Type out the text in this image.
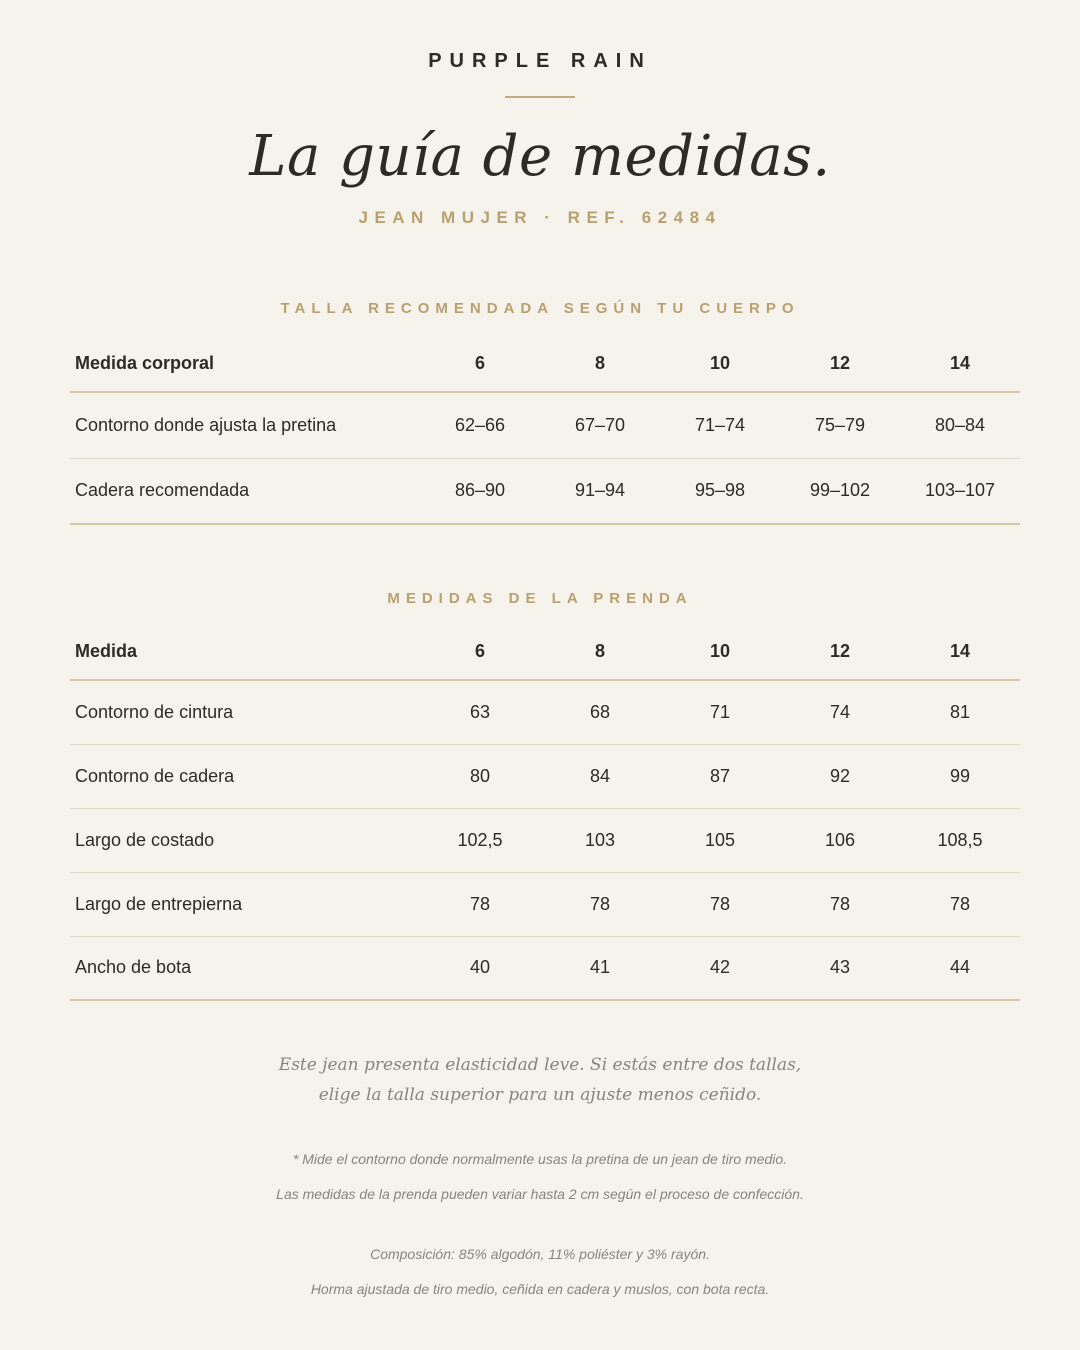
PURPLE RAIN
La guía de medidas.
JEAN MUJER · REF. 62484
TALLA RECOMENDADA SEGÚN TU CUERPO
Medida corporal	6	8	10	12	14
Contorno donde ajusta la pretina	62–66	67–70	71–74	75–79	80–84
Cadera recomendada	86–90	91–94	95–98	99–102	103–107
MEDIDAS DE LA PRENDA
Medida	6	8	10	12	14
Contorno de cintura	63	68	71	74	81
Contorno de cadera	80	84	87	92	99
Largo de costado	102,5	103	105	106	108,5
Largo de entrepierna	78	78	78	78	78
Ancho de bota	40	41	42	43	44
Este jean presenta elasticidad leve. Si estás entre dos tallas,
elige la talla superior para un ajuste menos ceñido.
* Mide el contorno donde normalmente usas la pretina de un jean de tiro medio.
Las medidas de la prenda pueden variar hasta 2 cm según el proceso de confección.
Composición: 85% algodón, 11% poliéster y 3% rayón.
Horma ajustada de tiro medio, ceñida en cadera y muslos, con bota recta.
